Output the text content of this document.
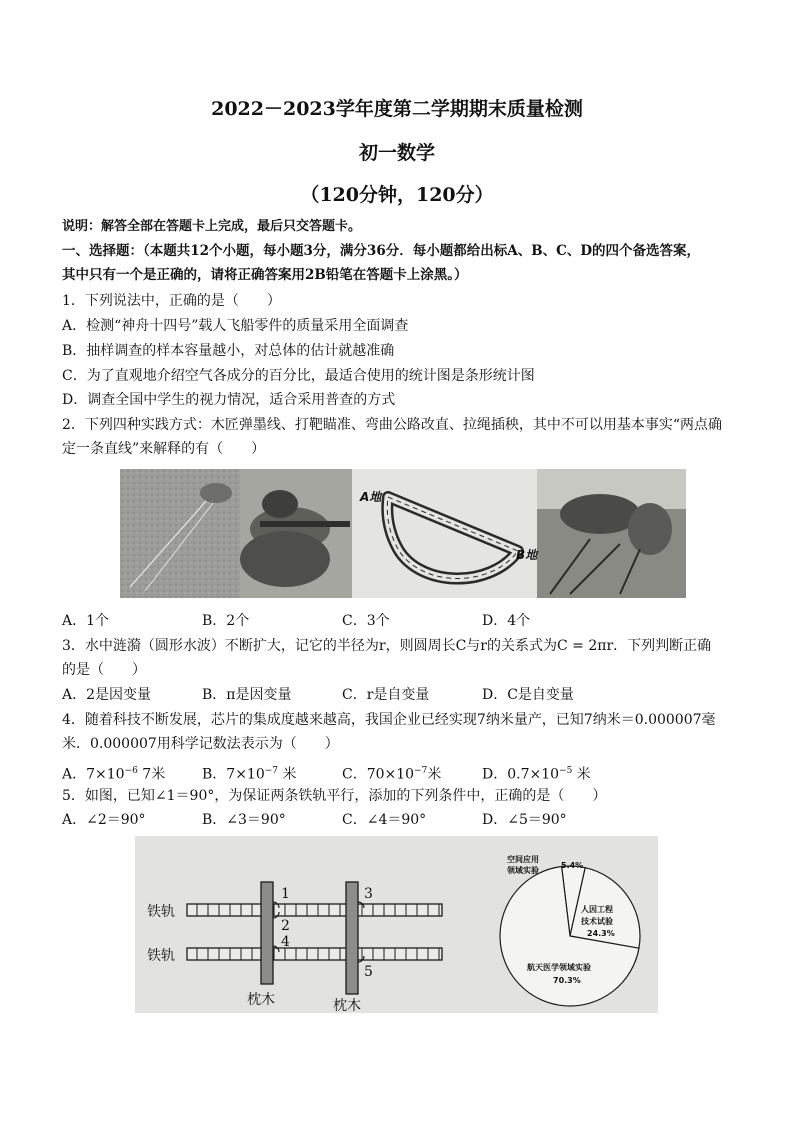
2022－2023学年度第二学期期末质量检测
初一数学
（120分钟，120分）
说明：解答全部在答题卡上完成，最后只交答题卡。
一、选择题：（本题共12个小题，每小题3分，满分36分．每小题都给出标A、B、C、D的四个备选答案，
其中只有一个是正确的，请将正确答案用2B铅笔在答题卡上涂黑。）
1．下列说法中，正确的是（　　）
A．检测“神舟十四号”载人飞船零件的质量采用全面调查
B．抽样调查的样本容量越小，对总体的估计就越准确
C．为了直观地介绍空气各成分的百分比，最适合使用的统计图是条形统计图
D．调查全国中学生的视力情况，适合采用普查的方式
2．下列四种实践方式：木匠弹墨线、打靶瞄准、弯曲公路改直、拉绳插秧，其中不可以用基本事实“两点确
定一条直线”来解释的有（　　）
A地
B地
A．1个	B．2个	C．3个	D．4个
3．水中涟漪（圆形水波）不断扩大，记它的半径为r，则圆周长C与r的关系式为C = 2πr．下列判断正确
的是（　　）
A．2是因变量	B．π是因变量	C．r是自变量	D．C是自变量
4．随着科技不断发展，芯片的集成度越来越高，我国企业已经实现7纳米量产，已知7纳米＝0.000007毫
米．0.000007用科学记数法表示为（　　）
A．$7\times 10^{-6}$ 7米	B．$7\times 10^{-7}$ 米	C．$70\times 10^{-7}$米	D．$0.7\times 10^{-5}$ 米
5．如图，已知∠1＝90°，为保证两条铁轨平行，添加的下列条件中，正确的是（　　）
A．∠2＝90°	B．∠3＝90°	C．∠4＝90°	D．∠5＝90°
铁轨
铁轨
枕木	枕木
1
2
3
4
5
空间应用
领域实验
5.4%
人因工程
技术试验
24.3%
航天医学领域实验
70.3%
